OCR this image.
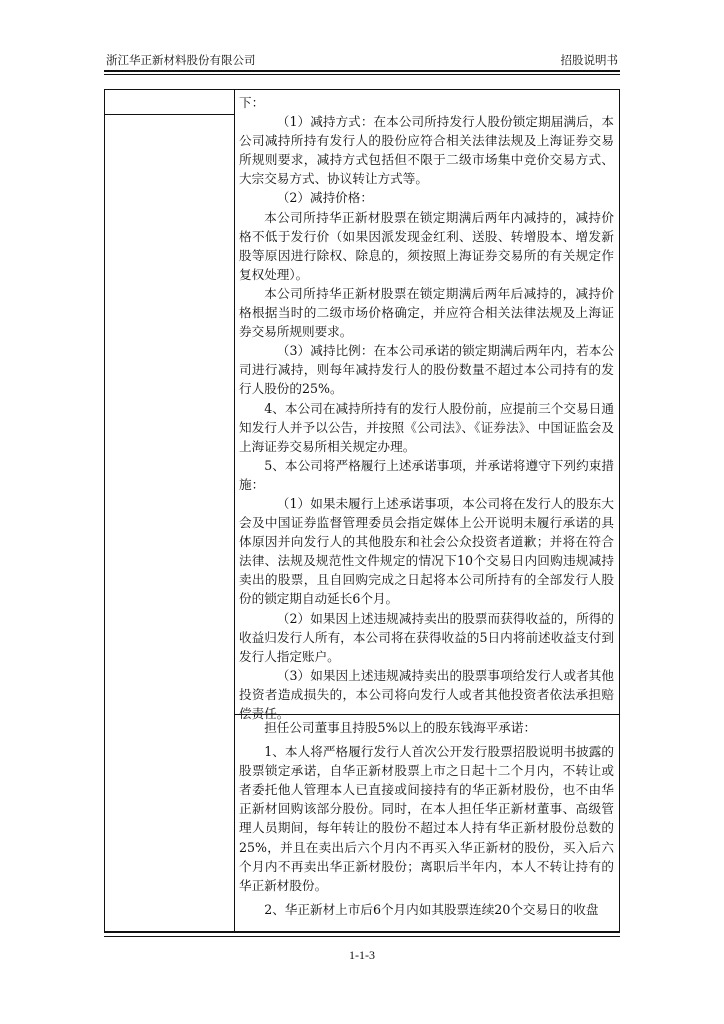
浙江华正新材料股份有限公司	招股说明书

下：

（1）减持方式：在本公司所持发行人股份锁定期届满后，本公司减持所持有发行人的股份应符合相关法律法规及上海证券交易所规则要求，减持方式包括但不限于二级市场集中竞价交易方式、大宗交易方式、协议转让方式等。

（2）减持价格：

本公司所持华正新材股票在锁定期满后两年内减持的，减持价格不低于发行价（如果因派发现金红利、送股、转增股本、增发新股等原因进行除权、除息的，须按照上海证券交易所的有关规定作复权处理）。

本公司所持华正新材股票在锁定期满后两年后减持的，减持价格根据当时的二级市场价格确定，并应符合相关法律法规及上海证券交易所规则要求。

（3）减持比例：在本公司承诺的锁定期满后两年内，若本公司进行减持，则每年减持发行人的股份数量不超过本公司持有的发行人股份的25%。

4、本公司在减持所持有的发行人股份前，应提前三个交易日通知发行人并予以公告，并按照《公司法》、《证券法》、中国证监会及上海证券交易所相关规定办理。

5、本公司将严格履行上述承诺事项，并承诺将遵守下列约束措施：

（1）如果未履行上述承诺事项，本公司将在发行人的股东大会及中国证券监督管理委员会指定媒体上公开说明未履行承诺的具体原因并向发行人的其他股东和社会公众投资者道歉；并将在符合法律、法规及规范性文件规定的情况下10个交易日内回购违规减持卖出的股票，且自回购完成之日起将本公司所持有的全部发行人股份的锁定期自动延长6个月。

（2）如果因上述违规减持卖出的股票而获得收益的，所得的收益归发行人所有，本公司将在获得收益的5日内将前述收益支付到发行人指定账户。

（3）如果因上述违规减持卖出的股票事项给发行人或者其他投资者造成损失的，本公司将向发行人或者其他投资者依法承担赔偿责任。

担任公司董事且持股5%以上的股东钱海平承诺：

1、本人将严格履行发行人首次公开发行股票招股说明书披露的股票锁定承诺，自华正新材股票上市之日起十二个月内，不转让或者委托他人管理本人已直接或间接持有的华正新材股份，也不由华正新材回购该部分股份。同时，在本人担任华正新材董事、高级管理人员期间，每年转让的股份不超过本人持有华正新材股份总数的25%，并且在卖出后六个月内不再买入华正新材的股份，买入后六个月内不再卖出华正新材股份；离职后半年内，本人不转让持有的华正新材股份。

2、华正新材上市后6个月内如其股票连续20个交易日的收盘

1-1-3
